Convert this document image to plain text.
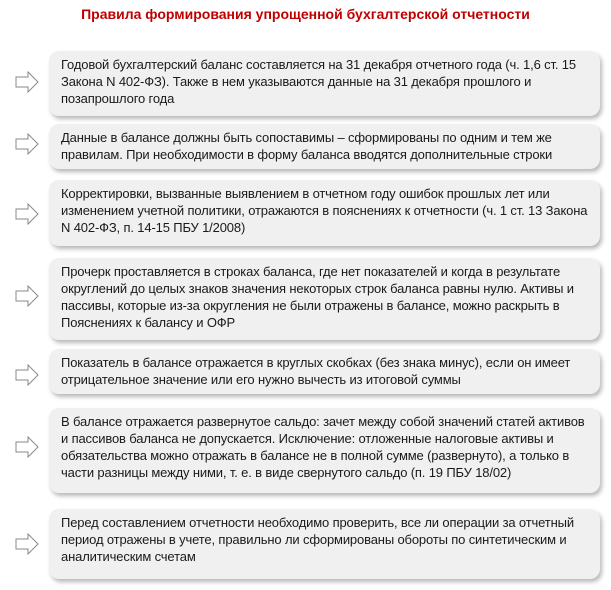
Правила формирования упрощенной бухгалтерской отчетности
Годовой бухгалтерский баланс составляется на 31 декабря отчетного года (ч. 1,6 ст. 15 Закона N 402-ФЗ). Также в нем указываются данные на 31 декабря прошлого и позапрошлого года
Данные в балансе должны быть сопоставимы – сформированы по одним и тем же правилам. При необходимости в форму баланса вводятся дополнительные строки
Корректировки, вызванные выявлением в отчетном году ошибок прошлых лет или изменением учетной политики, отражаются в пояснениях к отчетности (ч. 1 ст. 13 Закона N 402-ФЗ, п. 14-15 ПБУ 1/2008)
Прочерк проставляется в строках баланса, где нет показателей и когда в результате округлений до целых знаков значения некоторых строк баланса равны нулю. Активы и пассивы, которые из-за округления не были отражены в балансе, можно раскрыть в Пояснениях к балансу и ОФР
Показатель в балансе отражается в круглых скобках (без знака минус), если он имеет отрицательное значение или его нужно вычесть из итоговой суммы
В балансе отражается развернутое сальдо: зачет между собой значений статей активов и пассивов баланса не допускается. Исключение: отложенные налоговые активы и обязательства можно отражать в балансе не в полной сумме (развернуто), а только в части разницы между ними, т. е. в виде свернутого сальдо (п. 19 ПБУ 18/02)
Перед составлением отчетности необходимо проверить, все ли операции за отчетный период отражены в учете, правильно ли сформированы обороты по синтетическим и аналитическим счетам
